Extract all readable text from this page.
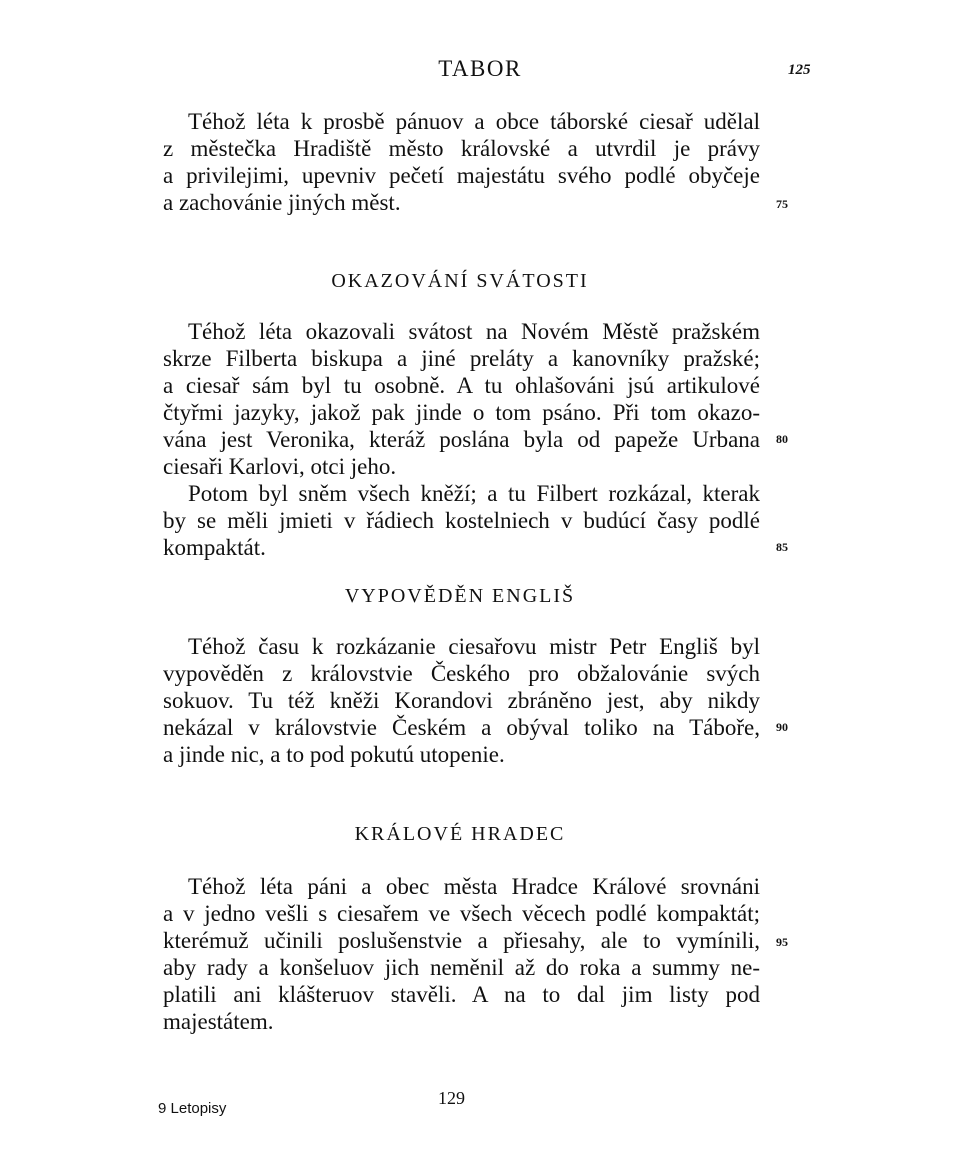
TABOR	125
Téhož léta k prosbě pánuov a obce táborské ciesař udělal
z městečka Hradiště město královské a utvrdil je právy
a privilejimi, upevniv pečetí majestátu svého podlé obyčeje
a zachovánie jiných měst.	75
OKAZOVÁNÍ SVÁTOSTI
Téhož léta okazovali svátost na Novém Městě pražském
skrze Filberta biskupa a jiné preláty a kanovníky pražské;
a ciesař sám byl tu osobně. A tu ohlašováni jsú artikulové
čtyřmi jazyky, jakož pak jinde o tom psáno. Při tom okazo-
80
vána jest Veronika, kteráž poslána byla od papeže Urbana
ciesaři Karlovi, otci jeho.
Potom byl sněm všech kněží; a tu Filbert rozkázal, kterak
by se měli jmieti v řádiech kostelniech v budúcí časy podlé
kompaktát.	85
VYPOVĚDĚN ENGLIŠ
Téhož času k rozkázanie ciesařovu mistr Petr Engliš byl
vypověděn z královstvie Českého pro obžalovánie svých
sokuov. Tu též kněži Korandovi zbráněno jest, aby nikdy
nekázal v královstvie Českém a obýval toliko na Táboře, 90
a jinde nic, a to pod pokutú utopenie.
KRÁLOVÉ HRADEC
Téhož léta páni a obec města Hradce Králové srovnáni
a v jedno vešli s ciesařem ve všech věcech podlé kompaktát;
kterémuž učinili poslušenstvie a přiesahy, ale to vymínili, 95
aby rady a konšeluov jich neměnil až do roka a summy ne-
platili ani klášteruov stavěli. A na to dal jim listy pod
majestátem.
9 Letopisy
129
